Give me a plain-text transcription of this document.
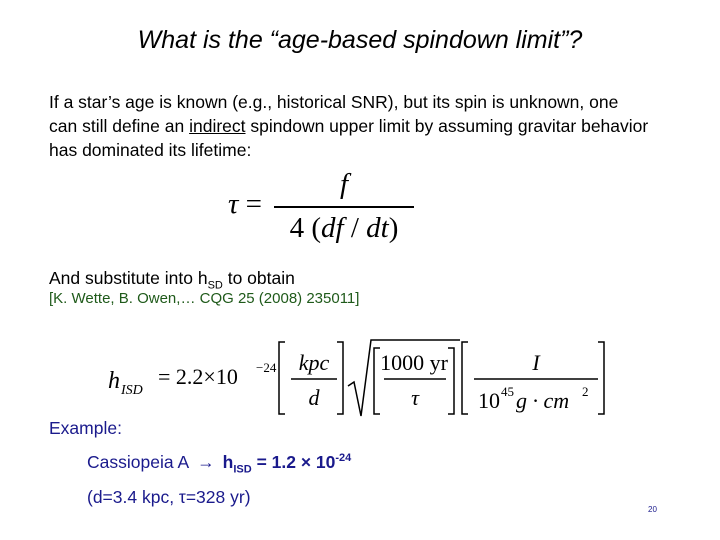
What is the “age-based spindown limit”?
If a star’s age is known (e.g., historical SNR), but its spin is unknown, one can still define an indirect spindown upper limit by assuming gravitar behavior has dominated its lifetime:
τ =
f
4 (df / dt)
And substitute into $h_{SD}$ to obtain
[K. Wette, B. Owen,… CQG 25 (2008) 235011]
h ISD
= 2.2×10 −24 kpc
d
1000 yr
τ
I
10 45 g · cm 2
Example:
Cassiopeia $A \to h_{ISD} = 1.2 \times 10^{-24}$
(d=3.4 kpc, τ=328 yr)
20
